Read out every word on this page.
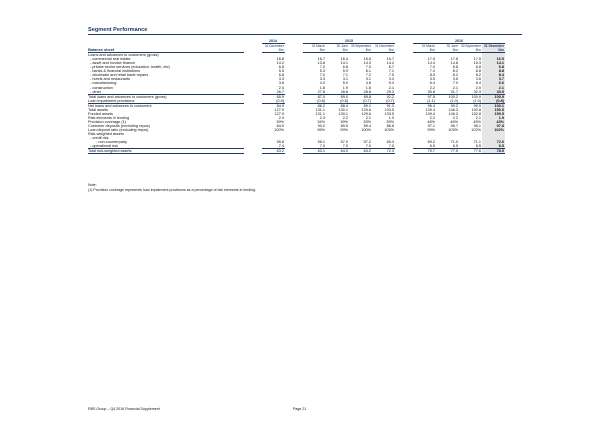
Segment Performance
		2014		2015					2016			
		31 December		31 March	30 June	30 September	31 December		31 March	30 June	30 September	31 December
Balance sheet		£bn		£bn	£bn	£bn	£bn		£bn	£bn	£bn	£bn
Loans and advances to customers (gross)												
- commercial real estate		16.8		16.7	16.4	16.6	16.7		17.5	17.8	17.5	16.9
- asset and invoice finance		14.2		13.8	14.1	14.3	14.4		14.4	14.8	15.3	14.1
- private sector services (education, health, etc)		6.8		7.0	6.8	7.0	6.7		7.0	6.8	6.8	6.8
- banks & financial institutions		5.5		5.3	5.9	6.1	7.1		7.4	8.2	8.8	8.8
- wholesale and retail trade repairs		6.8		7.0	7.1	7.2	7.5		8.3	8.2	8.2	8.4
- hotels and restaurants		3.3		3.3	3.1	3.1	3.3		3.5	3.6	3.6	3.7
- manufacturing		3.8		4.2	5.0	4.8	5.3		6.4	7.0	6.4	6.6
- construction		2.0		1.8	1.9	1.8	2.1		2.2	2.1	2.0	2.1
- other		26.7		27.8	28.8	28.8	29.3		30.8	31.7	32.3	33.5
Total loans and advances to customers (gross)		85.9		87.0	89.0	89.8	92.2		97.5	100.2	100.9	100.9
Loan impairment provisions		(0.9)		(0.8)	(0.8)	(0.7)	(0.7)		(1.1)	(1.0)	(1.0)	(0.8)
Net loans and advances to customers		84.9		86.2	88.4	89.1	91.3		96.4	99.2	99.9	100.1
Total assets		127.9		131.1	130.1	129.6	133.5		139.4	146.3	152.8	150.5
Funded assets		127.9		131.1	130.1	129.6	133.5		139.4	146.3	152.8	150.5
Risk elements in lending		2.4		2.3	2.2	2.1	1.9		2.2	2.2	2.1	1.9
Provision coverage (1)		39%		34%	39%	33%	39%		48%	46%	45%	43%
Customer deposits (excluding repos)		84.9		90.0	89.5	89.4	88.8		97.1	96.7	98.1	97.8
Loan:deposit ratio (excluding repos)		100%		96%	99%	100%	103%		99%	103%	102%	102%
Risk-weighted assets												
- credit risk												
- non-counterparty		55.8		56.1	57.0	57.2	65.3		69.2	71.0	71.1	72.0
- operational risk		7.4		7.0	7.0	7.0	7.0		6.5	6.5	6.5	6.5
Total risk-weighted assets		63.2		63.1	64.0	64.2	72.3		75.7	77.5	77.6	78.5
Note:
(1) Provision coverage represents loan impairment provisions as a percentage of risk elements in lending.
RBS Group – Q4 2016 Financial Supplement	Page 21
